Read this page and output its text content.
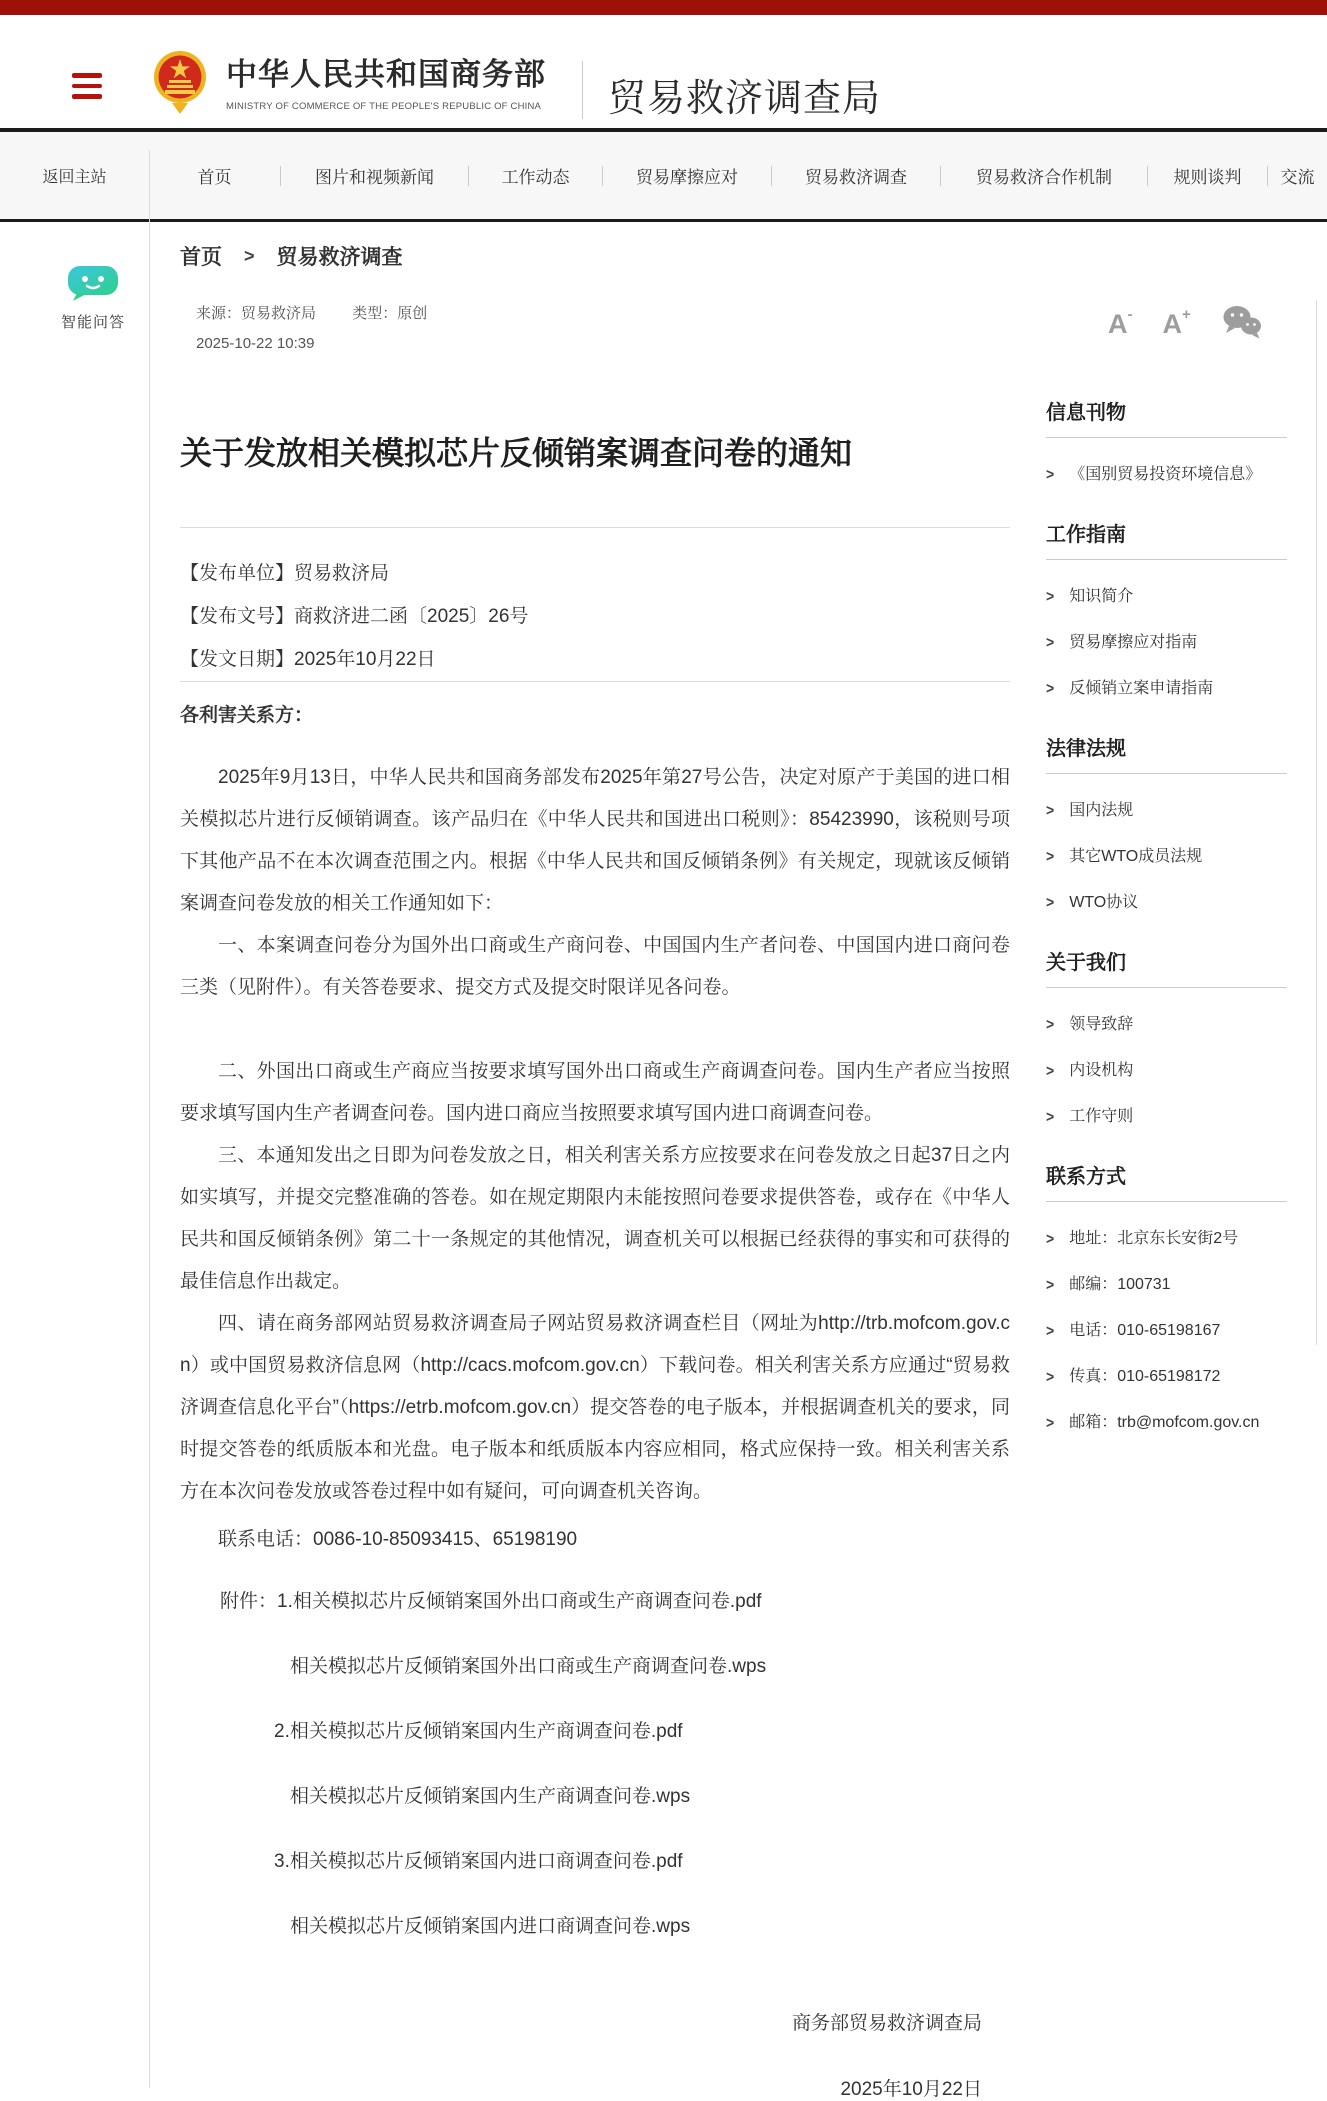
中华人民共和国商务部
MINISTRY OF COMMERCE OF THE PEOPLE'S REPUBLIC OF CHINA 贸易救济调查局
返回主站	首页	图片和视频新闻	工作动态	贸易摩擦应对	贸易救济调查	贸易救济合作机制	规则谈判	交流
智能问答
首页 > 贸易救济调查
来源：贸易救济局 类型：原创
2025-10-22 10:39
A- A+
关于发放相关模拟芯片反倾销案调查问卷的通知
【发布单位】贸易救济局
【发布文号】商救济进二函〔2025〕26号
【发文日期】2025年10月22日
各利害关系方：

2025年9月13日，中华人民共和国商务部发布2025年第27号公告，决定对原产于美国的进口相关模拟芯片进行反倾销调查。该产品归在《中华人民共和国进出口税则》：85423990，该税则号项下其他产品不在本次调查范围之内。根据《中华人民共和国反倾销条例》有关规定，现就该反倾销案调查问卷发放的相关工作通知如下：

一、本案调查问卷分为国外出口商或生产商问卷、中国国内生产者问卷、中国国内进口商问卷三类（见附件）。有关答卷要求、提交方式及提交时限详见各问卷。

二、外国出口商或生产商应当按要求填写国外出口商或生产商调查问卷。国内生产者应当按照要求填写国内生产者调查问卷。国内进口商应当按照要求填写国内进口商调查问卷。

三、本通知发出之日即为问卷发放之日，相关利害关系方应按要求在问卷发放之日起37日之内如实填写，并提交完整准确的答卷。如在规定期限内未能按照问卷要求提供答卷，或存在《中华人民共和国反倾销条例》第二十一条规定的其他情况，调查机关可以根据已经获得的事实和可获得的最佳信息作出裁定。

四、请在商务部网站贸易救济调查局子网站贸易救济调查栏目（网址为http://trb.mofcom.gov.cn）或中国贸易救济信息网（http://cacs.mofcom.gov.cn）下载问卷。相关利害关系方应通过“贸易救济调查信息化平台”（https://etrb.mofcom.gov.cn）提交答卷的电子版本，并根据调查机关的要求，同时提交答卷的纸质版本和光盘。电子版本和纸质版本内容应相同，格式应保持一致。相关利害关系方在本次问卷发放或答卷过程中如有疑问，可向调查机关咨询。

联系电话：0086-10-85093415、65198190
附件：1.相关模拟芯片反倾销案国外出口商或生产商调查问卷.pdf
相关模拟芯片反倾销案国外出口商或生产商调查问卷.wps
2.相关模拟芯片反倾销案国内生产商调查问卷.pdf
相关模拟芯片反倾销案国内生产商调查问卷.wps
3.相关模拟芯片反倾销案国内进口商调查问卷.pdf
相关模拟芯片反倾销案国内进口商调查问卷.wps
商务部贸易救济调查局
2025年10月22日
信息刊物
> 《国别贸易投资环境信息》
工作指南
> 知识简介
> 贸易摩擦应对指南
> 反倾销立案申请指南
法律法规
> 国内法规
> 其它WTO成员法规
> WTO协议
关于我们
> 领导致辞
> 内设机构
> 工作守则
联系方式
> 地址：北京东长安街2号
> 邮编：100731
> 电话：010-65198167
> 传真：010-65198172
> 邮箱：trb@mofcom.gov.cn
